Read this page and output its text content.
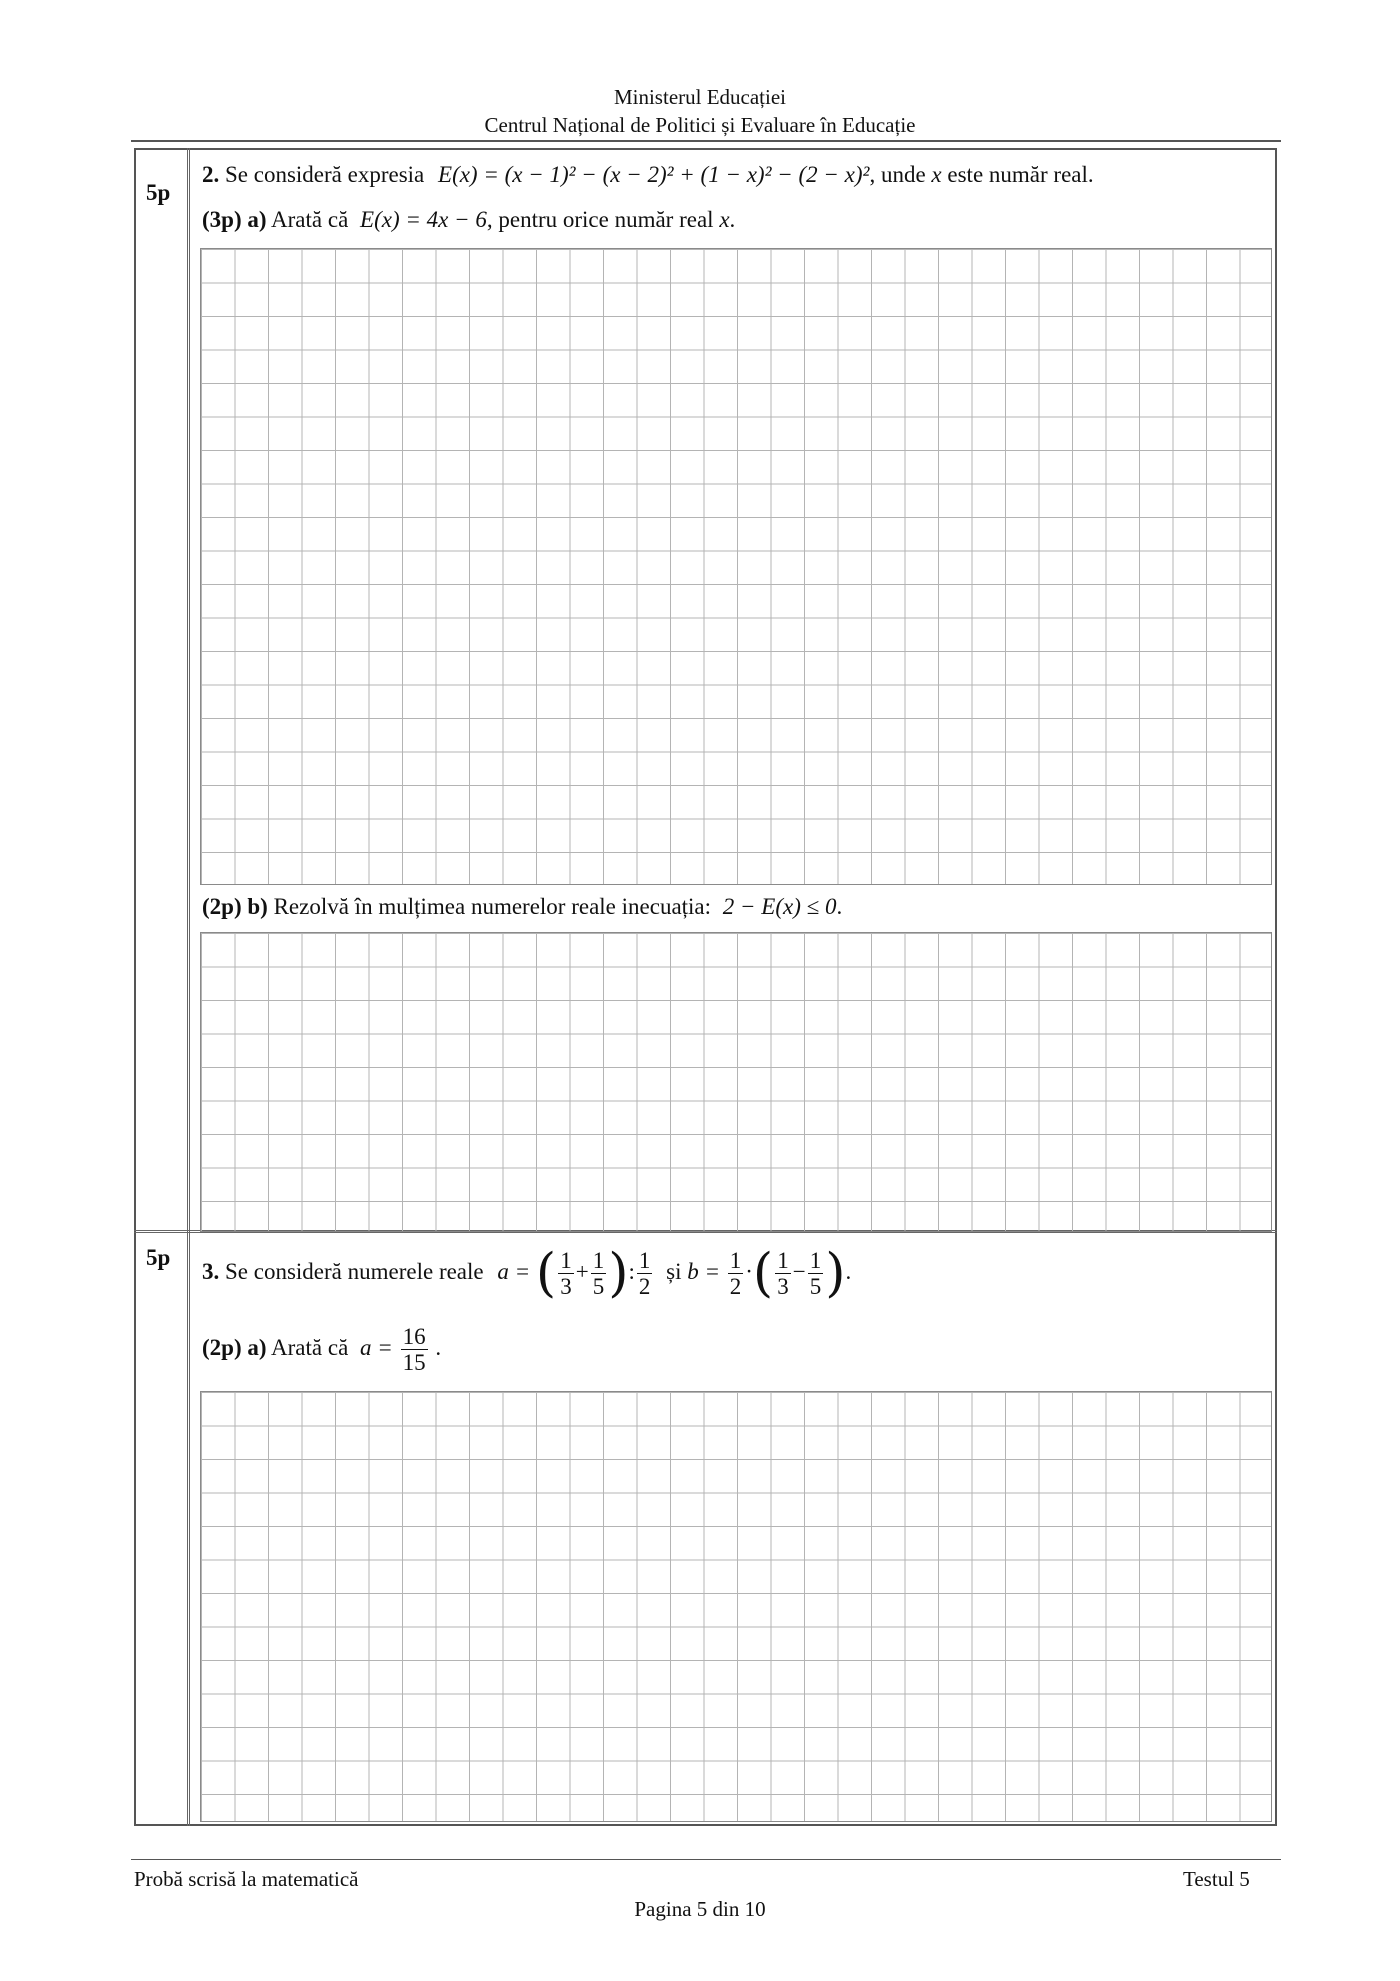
Ministerul Educației
Centrul Național de Politici și Evaluare în Educație
5p
2. Se consideră expresia E(x) = (x − 1)² − (x − 2)² + (1 − x)² − (2 − x)², unde x este număr real.
(3p) a) Arată că E(x) = 4x − 6, pentru orice număr real x.
(2p) b) Rezolvă în mulțimea numerelor reale inecuația: 2 − E(x) ≤ 0.
5p
3. Se consideră numerele reale a = ( $\frac{1}{3} + \frac{1}{5}$ ): $\frac{1}{2}$ și $b = \frac{1}{2}$ ·( $\frac{1}{3} - \frac{1}{5}$ ).
(2p) a) Arată că $a = \frac{16}{15}$ .
Probă scrisă la matematică	Testul 5
Pagina 5 din 10
